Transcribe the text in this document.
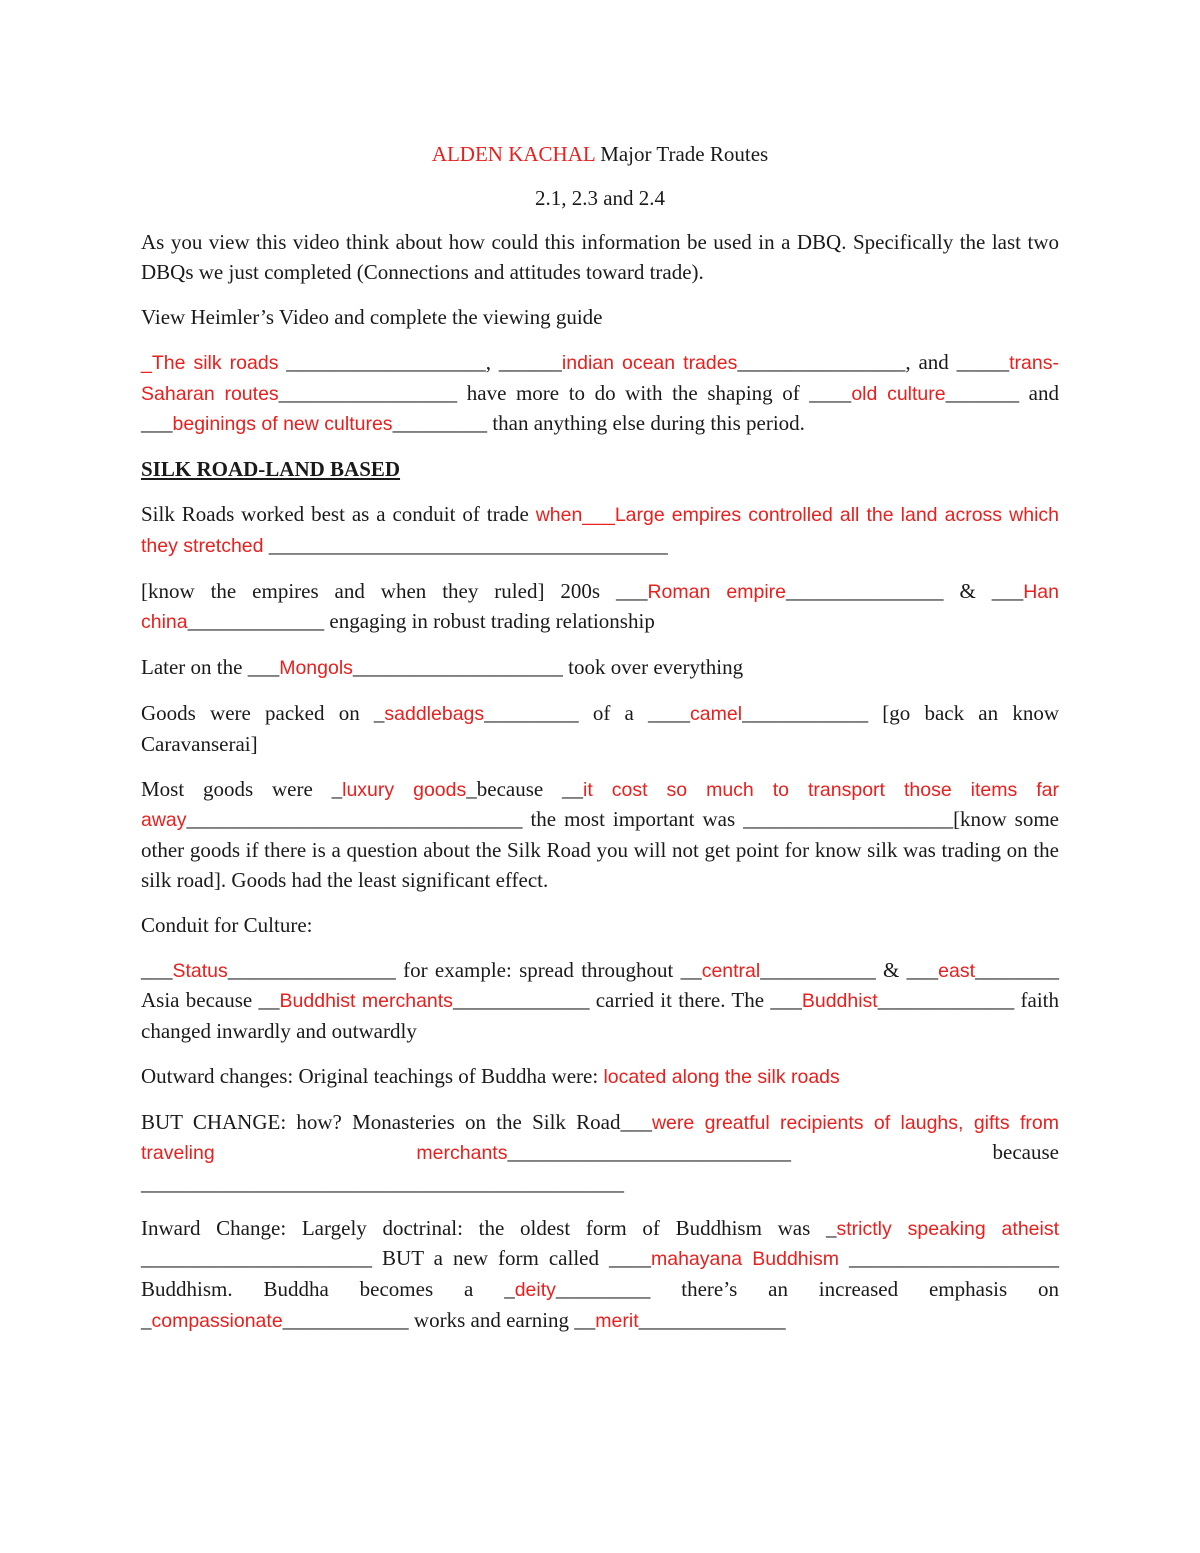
ALDEN KACHAL Major Trade Routes

2.1, 2.3 and 2.4

As you view this video think about how could this information be used in a DBQ. Specifically the last two DBQs we just completed (Connections and attitudes toward trade).

View Heimler’s Video and complete the viewing guide

_The silk roads ___________________, ______indian ocean trades________________, and _____trans- Saharan routes_________________ have more to do with the shaping of ____old culture_______ and ___beginings of new cultures_________ than anything else during this period.

SILK ROAD-LAND BASED

Silk Roads worked best as a conduit of trade when___Large empires controlled all the land across which they stretched ______________________________________

[know the empires and when they ruled] 200s ___Roman empire_______________ & ___Han china_____________ engaging in robust trading relationship

Later on the ___Mongols____________________ took over everything

Goods were packed on _saddlebags_________ of a ____camel____________ [go back an know Caravanserai]

Most goods were _luxury goods_because __it cost so much to transport those items far away________________________________ the most important was ____________________[know some other goods if there is a question about the Silk Road you will not get point for know silk was trading on the silk road]. Goods had the least significant effect.

Conduit for Culture:

___Status________________ for example: spread throughout __central___________ & ___east________ Asia because __Buddhist merchants_____________ carried it there. The ___Buddhist_____________ faith changed inwardly and outwardly

Outward changes: Original teachings of Buddha were: located along the silk roads

BUT CHANGE: how? Monasteries on the Silk Road___were greatful recipients of laughs, gifts from traveling merchants___________________________ because ______________________________________________

Inward Change: Largely doctrinal: the oldest form of Buddhism was _strictly speaking atheist ______________________ BUT a new form called ____mahayana Buddhism ____________________ Buddhism. Buddha becomes a _deity_________ there’s an increased emphasis on _compassionate____________ works and earning __merit______________
